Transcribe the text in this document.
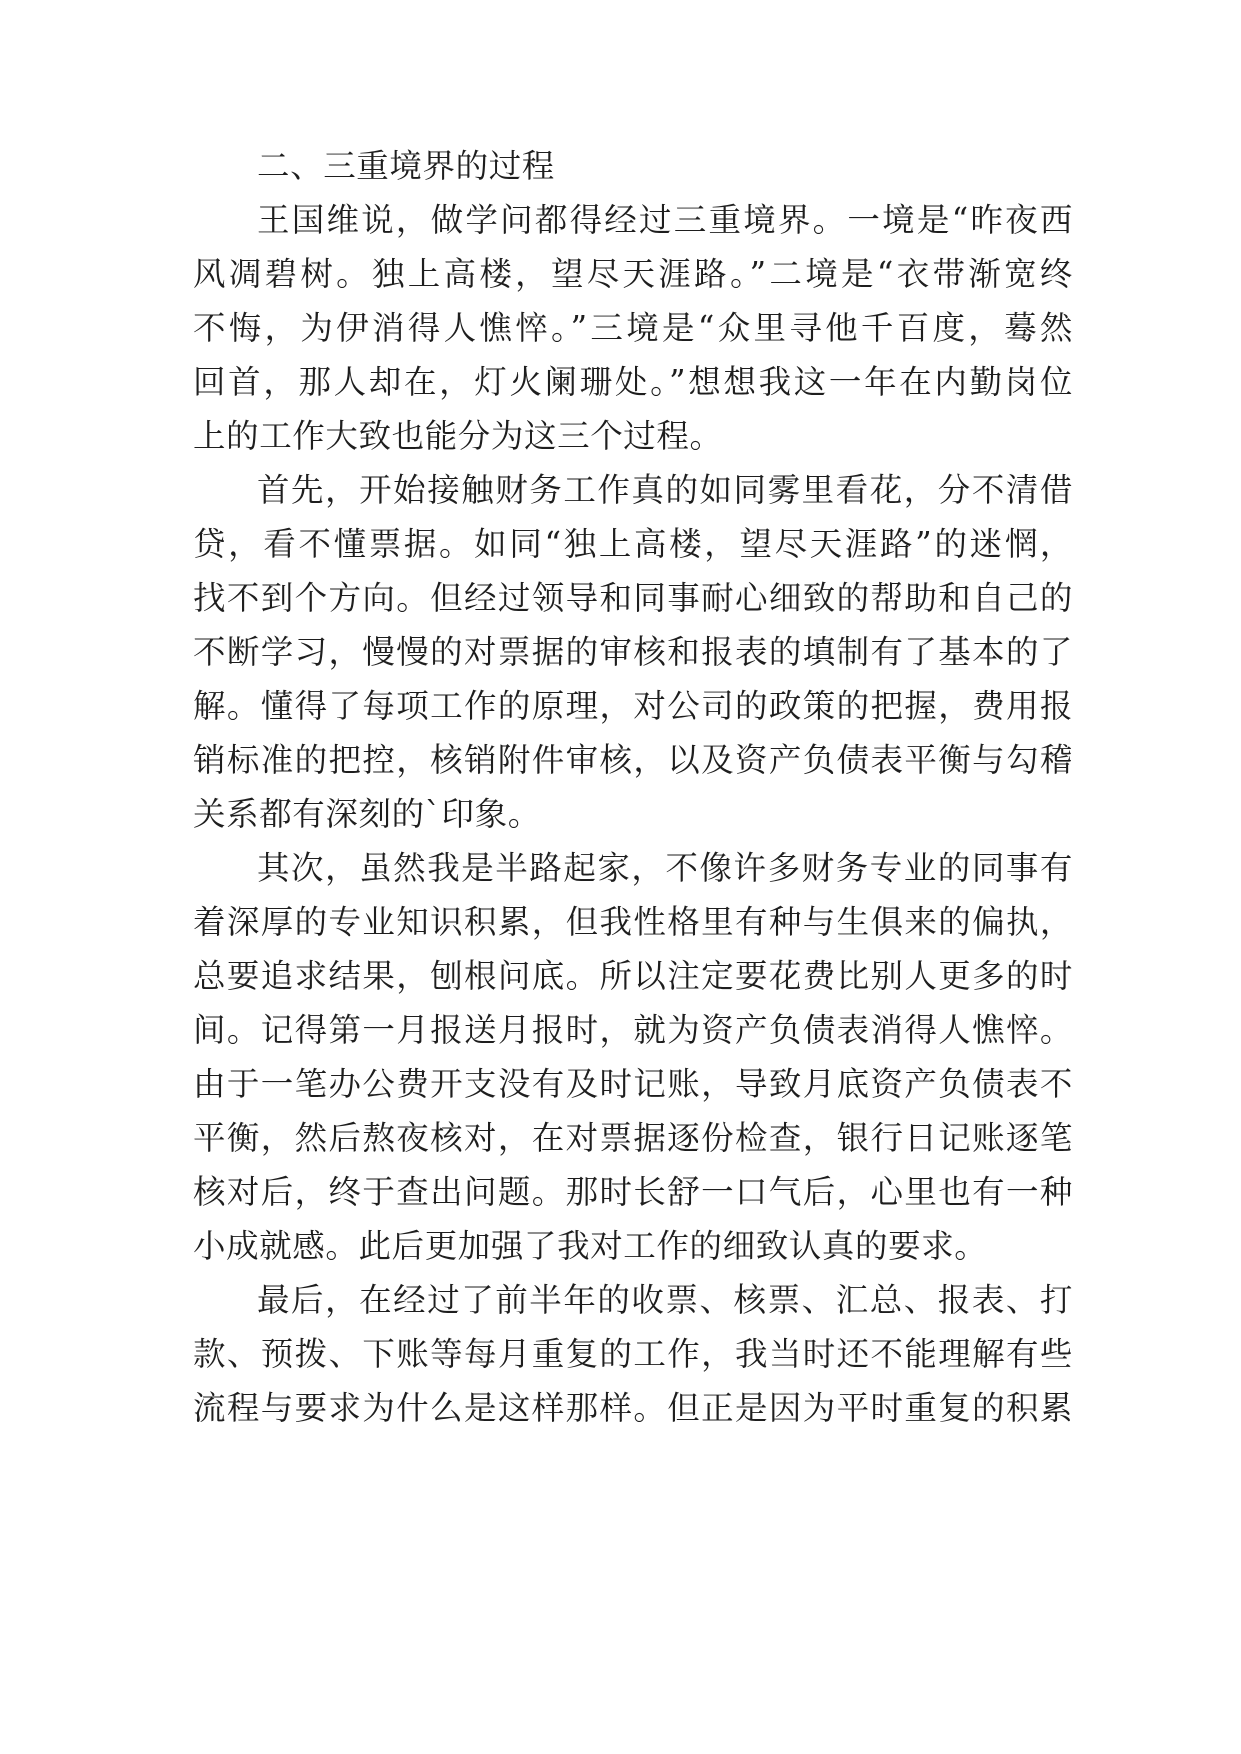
二、三重境界的过程
王国维说，做学问都得经过三重境界。一境是“昨夜西
风凋碧树。独上高楼，望尽天涯路。”二境是“衣带渐宽终
不悔，为伊消得人憔悴。”三境是“众里寻他千百度，蓦然
回首，那人却在，灯火阑珊处。”想想我这一年在内勤岗位
上的工作大致也能分为这三个过程。
首先，开始接触财务工作真的如同雾里看花，分不清借
贷，看不懂票据。如同“独上高楼，望尽天涯路”的迷惘，
找不到个方向。但经过领导和同事耐心细致的帮助和自己的
不断学习，慢慢的对票据的审核和报表的填制有了基本的了
解。懂得了每项工作的原理，对公司的政策的把握，费用报
销标准的把控，核销附件审核，以及资产负债表平衡与勾稽
关系都有深刻的`印象。
其次，虽然我是半路起家，不像许多财务专业的同事有
着深厚的专业知识积累，但我性格里有种与生俱来的偏执，
总要追求结果，刨根问底。所以注定要花费比别人更多的时
间。记得第一月报送月报时，就为资产负债表消得人憔悴。
由于一笔办公费开支没有及时记账，导致月底资产负债表不
平衡，然后熬夜核对，在对票据逐份检查，银行日记账逐笔
核对后，终于查出问题。那时长舒一口气后，心里也有一种
小成就感。此后更加强了我对工作的细致认真的要求。
最后，在经过了前半年的收票、核票、汇总、报表、打
款、预拨、下账等每月重复的工作，我当时还不能理解有些
流程与要求为什么是这样那样。但正是因为平时重复的积累
